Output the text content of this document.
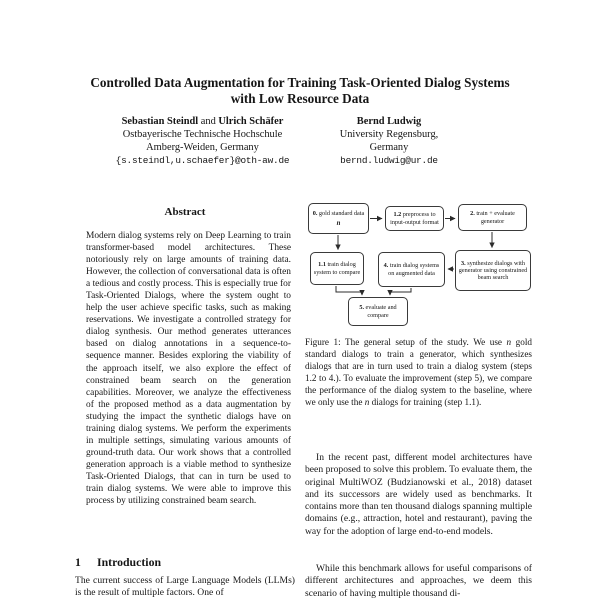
Controlled Data Augmentation for Training Task-Oriented Dialog Systems
with Low Resource Data
Sebastian Steindl and Ulrich Schäfer
Ostbayerische Technische Hochschule
Amberg-Weiden, Germany
{s.steindl,u.schaefer}@oth-aw.de
Bernd Ludwig
University Regensburg,
Germany
bernd.ludwig@ur.de
Abstract

Modern dialog systems rely on Deep Learning to train transformer-based model architectures. These notoriously rely on large amounts of training data. However, the collection of conversational data is often a tedious and costly process. This is especially true for Task-Oriented Dialogs, where the system ought to help the user achieve specific tasks, such as making reservations. We investigate a controlled strategy for dialog synthesis. Our method generates utterances based on dialog annotations in a sequence-to-sequence manner. Besides exploring the viability of the approach itself, we also explore the effect of constrained beam search on the generation capabilities. Moreover, we analyze the effectiveness of the proposed method as a data augmentation by studying the impact the synthetic dialogs have on training dialog systems. We perform the experiments in multiple settings, simulating various amounts of ground-truth data. Our work shows that a controlled generation approach is a viable method to synthesize Task-Oriented Dialogs, that can in turn be used to train dialog systems. We were able to improve this process by utilizing constrained beam search.

1 Introduction

The current success of Large Language Models (LLMs) is the result of multiple factors. One of

0. gold standard data
n
1.2 preprocess to input-output format
2. train + evaluate generator
1.1 train dialog system to compare
4. train dialog systems on augmented data
3. synthesize dialogs with generator using constrained beam search
5. evaluate and compare

Figure 1: The general setup of the study. We use n gold standard dialogs to train a generator, which synthesizes dialogs that are in turn used to train a dialog system (steps 1.2 to 4.). To evaluate the improvement (step 5), we compare the performance of the dialog system to the baseline, where we only use the n dialogs for training (step 1.1).

In the recent past, different model architectures have been proposed to solve this problem. To evaluate them, the original MultiWOZ (Budzianowski et al., 2018) dataset and its successors are widely used as benchmarks. It contains more than ten thousand dialogs spanning multiple domains (e.g., attraction, hotel and restaurant), paving the way for the adoption of large end-to-end models.

While this benchmark allows for useful comparisons of different architectures and approaches, we deem this scenario of having multiple thousand di-
